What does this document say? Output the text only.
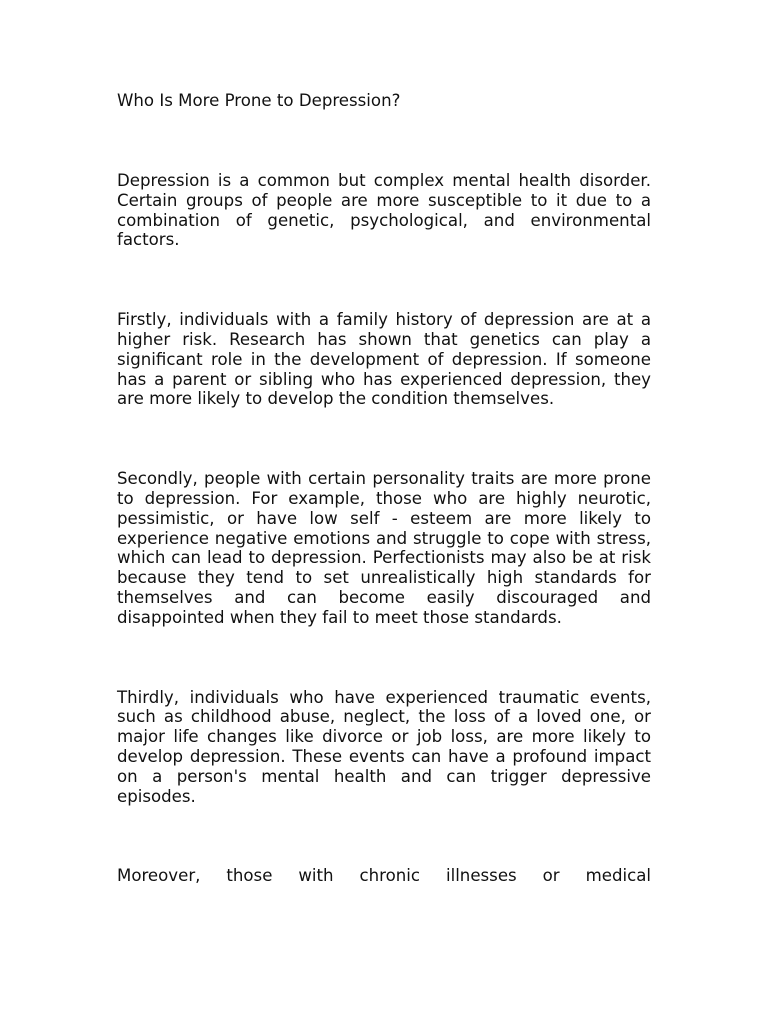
Who Is More Prone to Depression?

Depression is a common but complex mental health disorder. Certain groups of people are more susceptible to it due to a combination of genetic, psychological, and environmental factors.

Firstly, individuals with a family history of depression are at a higher risk. Research has shown that genetics can play a significant role in the development of depression. If someone has a parent or sibling who has experienced depression, they are more likely to develop the condition themselves.

Secondly, people with certain personality traits are more prone to depression. For example, those who are highly neurotic, pessimistic, or have low self - esteem are more likely to experience negative emotions and struggle to cope with stress, which can lead to depression. Perfectionists may also be at risk because they tend to set unrealistically high standards for themselves and can become easily discouraged and disappointed when they fail to meet those standards.

Thirdly, individuals who have experienced traumatic events, such as childhood abuse, neglect, the loss of a loved one, or major life changes like divorce or job loss, are more likely to develop depression. These events can have a profound impact on a person's mental health and can trigger depressive episodes.

Moreover, those with chronic illnesses or medical
